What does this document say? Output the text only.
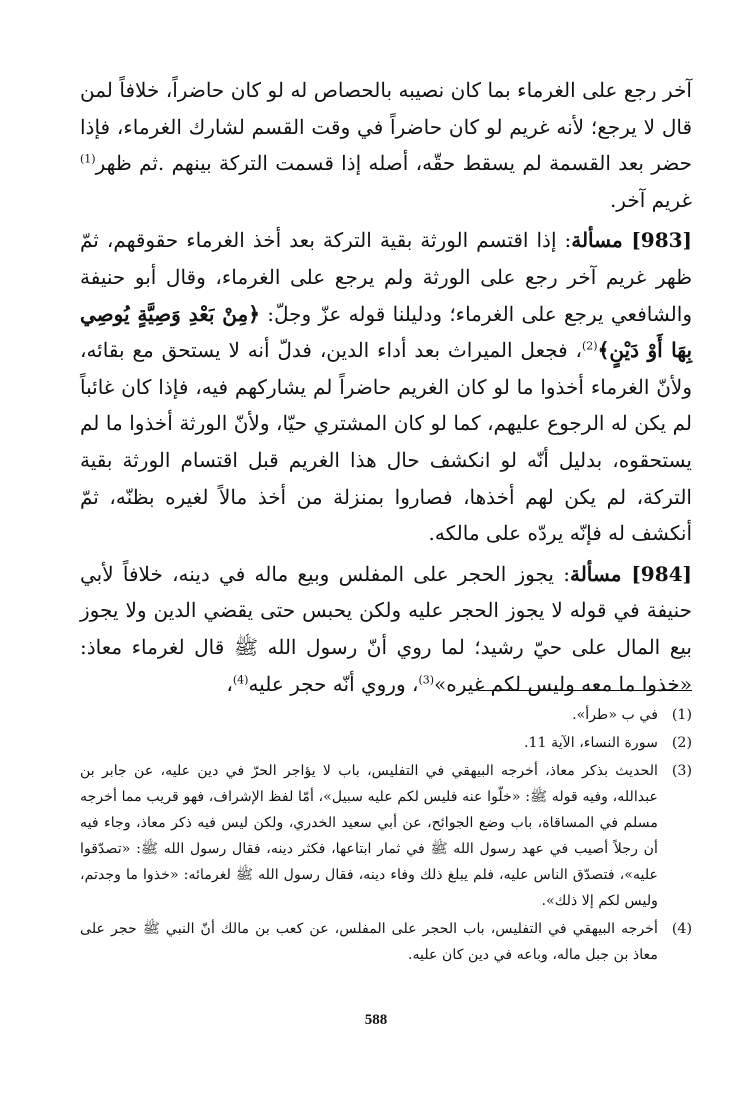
آخر رجع على الغرماء بما كان نصيبه بالحصاص له لو كان حاضراً، خلافاً لمن قال لا يرجع؛ لأنه غريم لو كان حاضراً في وقت القسم لشارك الغرماء، فإذا حضر بعد القسمة لم يسقط حقّه، أصله إذا قسمت التركة بينهم .ثم ظهر$^{(1)}$ غريم آخر.

[983] مسألة: إذا اقتسم الورثة بقية التركة بعد أخذ الغرماء حقوقهم، ثمّ ظهر غريم آخر رجع على الورثة ولم يرجع على الغرماء، وقال أبو حنيفة والشافعي يرجع على الغرماء؛ ودليلنا قوله عزّ وجلّ: ﴿مِنْ بَعْدِ وَصِيَّةٍ يُوصِي بِهَا أَوْ دَيْنٍ﴾$^{(2)}$، فجعل الميراث بعد أداء الدين، فدلّ أنه لا يستحق مع بقائه، ولأنّ الغرماء أخذوا ما لو كان الغريم حاضراً لم يشاركهم فيه، فإذا كان غائباً لم يكن له الرجوع عليهم، كما لو كان المشتري حيّا، ولأنّ الورثة أخذوا ما لم يستحقوه، بدليل أنّه لو انكشف حال هذا الغريم قبل اقتسام الورثة بقية التركة، لم يكن لهم أخذها، فصاروا بمنزلة من أخذ مالاً لغيره بظنّه، ثمّ أنكشف له فإنّه يردّه على مالكه.

[984] مسألة: يجوز الحجر على المفلس وبيع ماله في دينه، خلافاً لأبي حنيفة في قوله لا يجوز الحجر عليه ولكن يحبس حتى يقضي الدين ولا يجوز بيع المال على حيّ رشيد؛ لما روي أنّ رسول الله ﷺ قال لغرماء معاذ: «خذوا ما معه وليس لكم غيره»$^{(3)}$، وروي أنّه حجر عليه$^{(4)}$،

(1)
في ب «طرأ».
(2)
سورة النساء، الآية 11.
(3)
الحديث بذكر معاذ، أخرجه البيهقي في التفليس، باب لا يؤاجر الحرّ في دين عليه، عن جابر بن عبدالله، وفيه قوله ﷺ: «خلّوا عنه فليس لكم عليه سبيل»، أمّا لفظ الإشراف، فهو قريب مما أخرجه مسلم في المساقاة، باب وضع الجوائح، عن أبي سعيد الخدري، ولكن ليس فيه ذكر معاذ، وجاء فيه أن رجلاً أصيب في عهد رسول الله ﷺ في ثمار ابتاعها، فكثر دينه، فقال رسول الله ﷺ: «تصدّقوا عليه»، فتصدّق الناس عليه، فلم يبلغ ذلك وفاء دينه، فقال رسول الله ﷺ لغرمائه: «خذوا ما وجدتم، وليس لكم إلا ذلك».
(4)
أخرجه البيهقي في التفليس، باب الحجر على المفلس، عن كعب بن مالك أنّ النبي ﷺ حجر على معاذ بن جبل ماله، وباعه في دين كان عليه.
588
